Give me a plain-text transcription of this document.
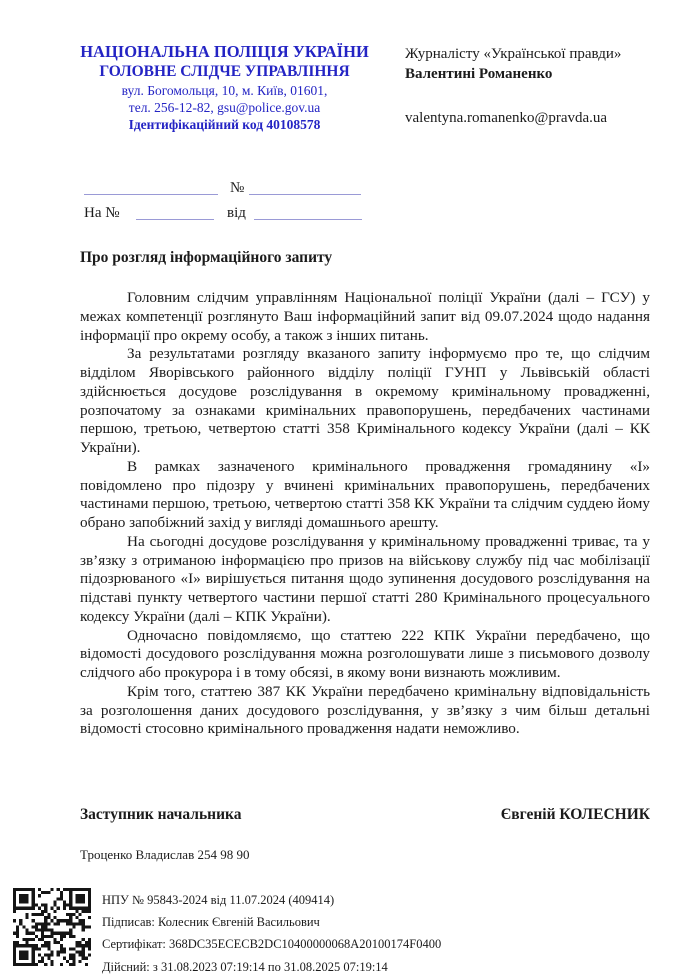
НАЦІОНАЛЬНА ПОЛІЦІЯ УКРАЇНИ
ГОЛОВНЕ СЛІДЧЕ УПРАВЛІННЯ
вул. Богомольця, 10, м. Київ, 01601,
тел. 256-12-82, gsu@police.gov.ua
Ідентифікаційний код 40108578
Журналісту «Української правди»
Валентині Романенко
valentyna.romanenko@pravda.ua
№
На №	від
Про розгляд інформаційного запиту

Головним слідчим управлінням Національної поліції України (далі – ГСУ) у межах компетенції розглянуто Ваш інформаційний запит від 09.07.2024 щодо надання інформації про окрему особу, а також з інших питань.

За результатами розгляду вказаного запиту інформуємо про те, що слідчим відділом Яворівського районного відділу поліції ГУНП у Львівській області здійснюється досудове розслідування в окремому кримінальному провадженні, розпочатому за ознаками кримінальних правопорушень, передбачених частинами першою, третьою, четвертою статті 358 Кримінального кодексу України (далі – КК України).

В рамках зазначеного кримінального провадження громадянину «І» повідомлено про підозру у вчинені кримінальних правопорушень, передбачених частинами першою, третьою, четвертою статті 358 КК України та слідчим суддею йому обрано запобіжний захід у вигляді домашнього арешту.

На сьогодні досудове розслідування у кримінальному провадженні триває, та у зв’язку з отриманою інформацією про призов на військову службу під час мобілізації підозрюваного «І» вирішується питання щодо зупинення досудового розслідування на підставі пункту четвертого частини першої статті 280 Кримінального процесуального кодексу України (далі – КПК України).

Одночасно повідомляємо, що статтею 222 КПК України передбачено, що відомості досудового розслідування можна розголошувати лише з письмового дозволу слідчого або прокурора і в тому обсязі, в якому вони визнають можливим.

Крім того, статтею 387 КК України передбачено кримінальну відповідальність за розголошення даних досудового розслідування, у зв’язку з чим більш детальні відомості стосовно кримінального провадження надати неможливо.

Заступник начальника	Євгеній КОЛЕСНИК
Троценко Владислав 254 98 90
НПУ № 95843-2024 від 11.07.2024 (409414)
Підписав: Колесник Євгеній Васильович
Сертифікат: 368DC35ECECB2DC10400000068A20100174F0400
Дійсний: з 31.08.2023 07:19:14 по 31.08.2025 07:19:14
